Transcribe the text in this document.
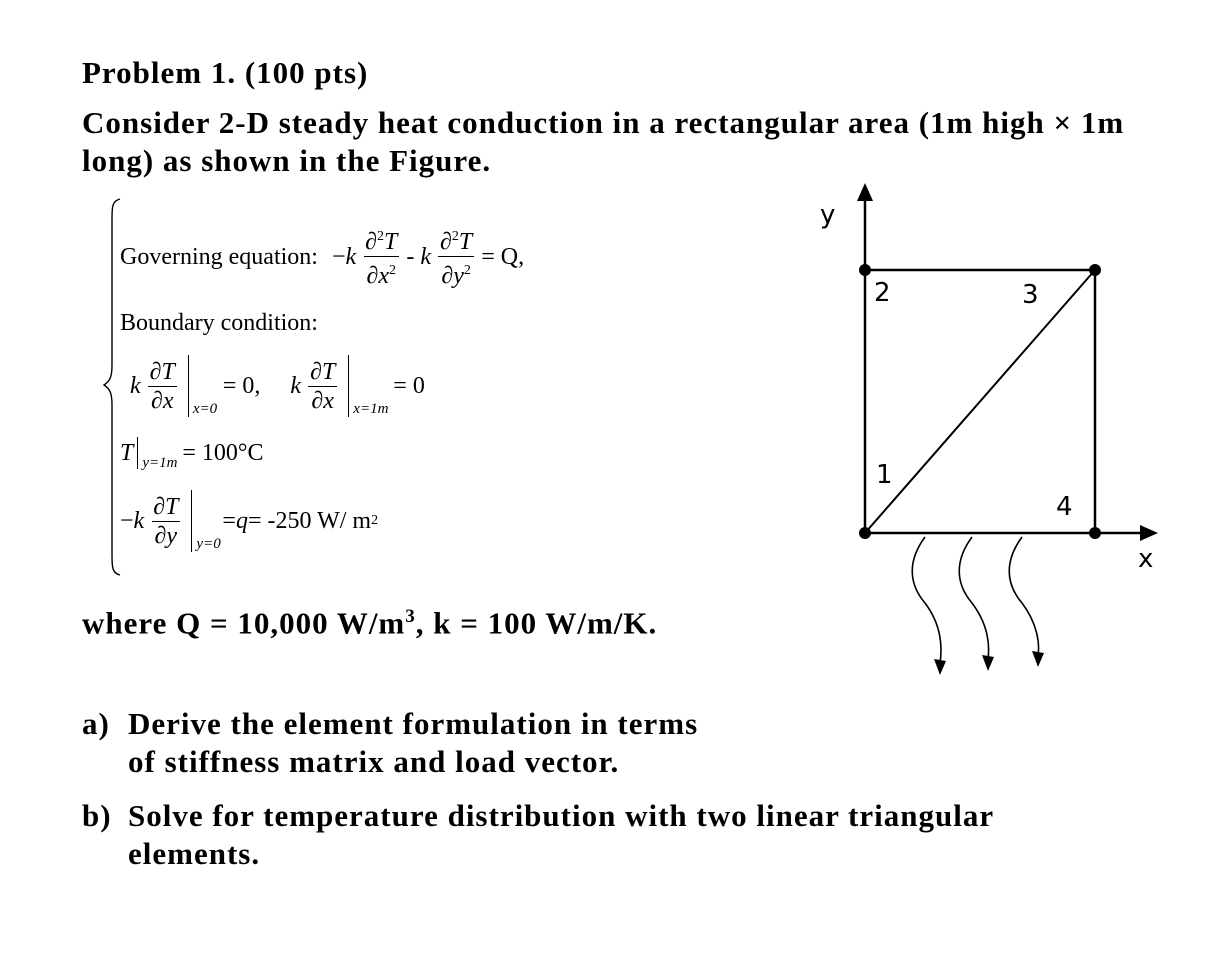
Problem 1. (100 pts)

Consider 2-D steady heat conduction in a rectangular area (1m high × 1m long) as shown in the Figure.

Governing equation: $-k \frac{\partial^2T}{\partial x^2} - k \frac{\partial^2T}{\partial y^2} = Q$,
Boundary condition:
k $\frac{\partial T}{\partial x} x=0$
= 0, k $\frac{\partial T}{\partial x} x=1m$
= 0
T y=1m = 100°C
$-k \frac{\partial T}{\partial y} y=0$
= q = -250 W/ m 2

where Q = 10,000 $W/m^3$, k = 100 W/m/K.

a) Derive the element formulation in terms
of stiffness matrix and load vector.
b) Solve for temperature distribution with two linear triangular
elements.
y
x
1
2	3
4
